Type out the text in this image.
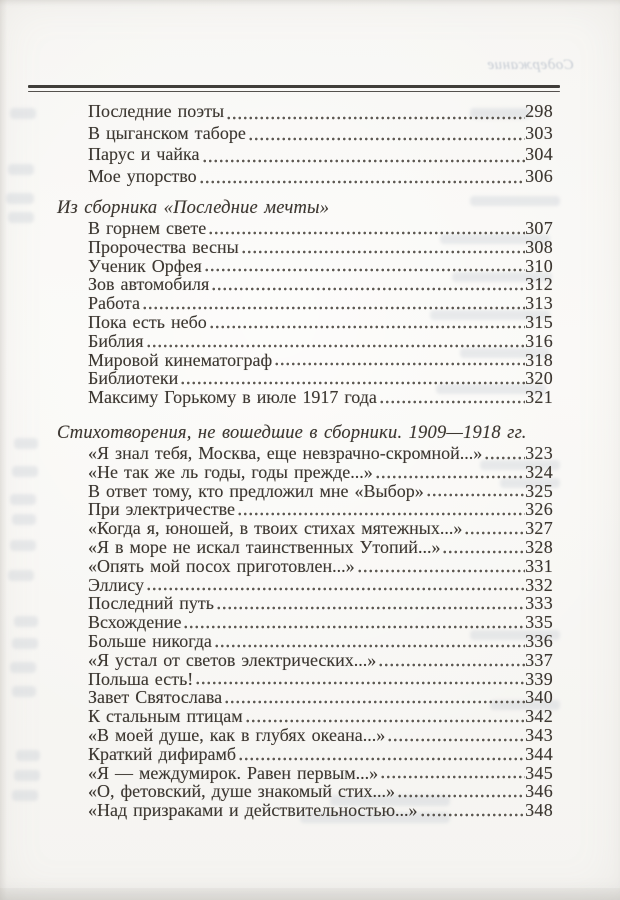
Содержание
Последние поэты	298
В цыганском таборе	303
Парус и чайка	304
Мое упорство	306
Из сборника «Последние мечты»
В горнем свете	307
Пророчества весны	308
Ученик Орфея	310
Зов автомобиля	312
Работа	313
Пока есть небо	315
Библия	316
Мировой кинематограф	318
Библиотеки	320
Максиму Горькому в июле 1917 года	321
Стихотворения, не вошедшие в сборники. 1909—1918 гг.
«Я знал тебя, Москва, еще невзрачно-скромной...» 323
«Не так же ль годы, годы прежде...»	324
В ответ тому, кто предложил мне «Выбор»	325
При электричестве	326
«Когда я, юношей, в твоих стихах мятежных...»	327
«Я в море не искал таинственных Утопий...»	328
«Опять мой посох приготовлен...»	331
Эллису	332
Последний путь	333
Всхождение	335
Больше никогда	336
«Я устал от светов электрических...»	337
Польша есть!	339
Завет Святослава	340
К стальным птицам	342
«В моей душе, как в глубях океана...»	343
Краткий дифирамб	344
«Я — междумирок. Равен первым...»	345
«О, фетовский, душе знакомый стих...»	346
«Над призраками и действительностью...»	348
